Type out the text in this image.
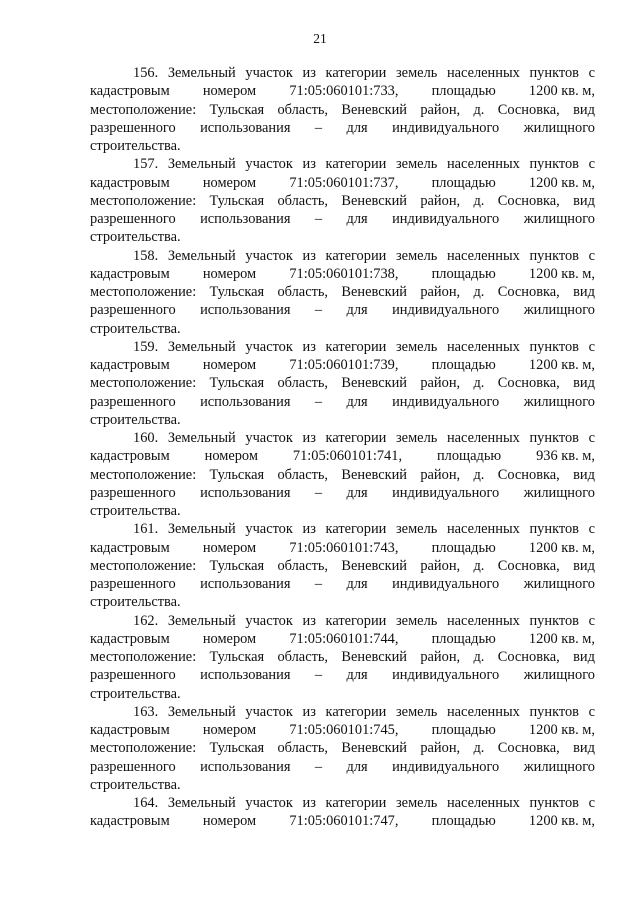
21
156. Земельный участок из категории земель населенных пунктов с
кадастровым номером 71:05:060101:733, площадью 1200 кв. м,
местоположение: Тульская область, Веневский район, д. Сосновка, вид
разрешенного использования – для индивидуального жилищного
строительства.
157. Земельный участок из категории земель населенных пунктов с
кадастровым номером 71:05:060101:737, площадью 1200 кв. м,
местоположение: Тульская область, Веневский район, д. Сосновка, вид
разрешенного использования – для индивидуального жилищного
строительства.
158. Земельный участок из категории земель населенных пунктов с
кадастровым номером 71:05:060101:738, площадью 1200 кв. м,
местоположение: Тульская область, Веневский район, д. Сосновка, вид
разрешенного использования – для индивидуального жилищного
строительства.
159. Земельный участок из категории земель населенных пунктов с
кадастровым номером 71:05:060101:739, площадью 1200 кв. м,
местоположение: Тульская область, Веневский район, д. Сосновка, вид
разрешенного использования – для индивидуального жилищного
строительства.
160. Земельный участок из категории земель населенных пунктов с
кадастровым номером 71:05:060101:741, площадью 936 кв. м,
местоположение: Тульская область, Веневский район, д. Сосновка, вид
разрешенного использования – для индивидуального жилищного
строительства.
161. Земельный участок из категории земель населенных пунктов с
кадастровым номером 71:05:060101:743, площадью 1200 кв. м,
местоположение: Тульская область, Веневский район, д. Сосновка, вид
разрешенного использования – для индивидуального жилищного
строительства.
162. Земельный участок из категории земель населенных пунктов с
кадастровым номером 71:05:060101:744, площадью 1200 кв. м,
местоположение: Тульская область, Веневский район, д. Сосновка, вид
разрешенного использования – для индивидуального жилищного
строительства.
163. Земельный участок из категории земель населенных пунктов с
кадастровым номером 71:05:060101:745, площадью 1200 кв. м,
местоположение: Тульская область, Веневский район, д. Сосновка, вид
разрешенного использования – для индивидуального жилищного
строительства.
164. Земельный участок из категории земель населенных пунктов с
кадастровым номером 71:05:060101:747, площадью 1200 кв. м,
